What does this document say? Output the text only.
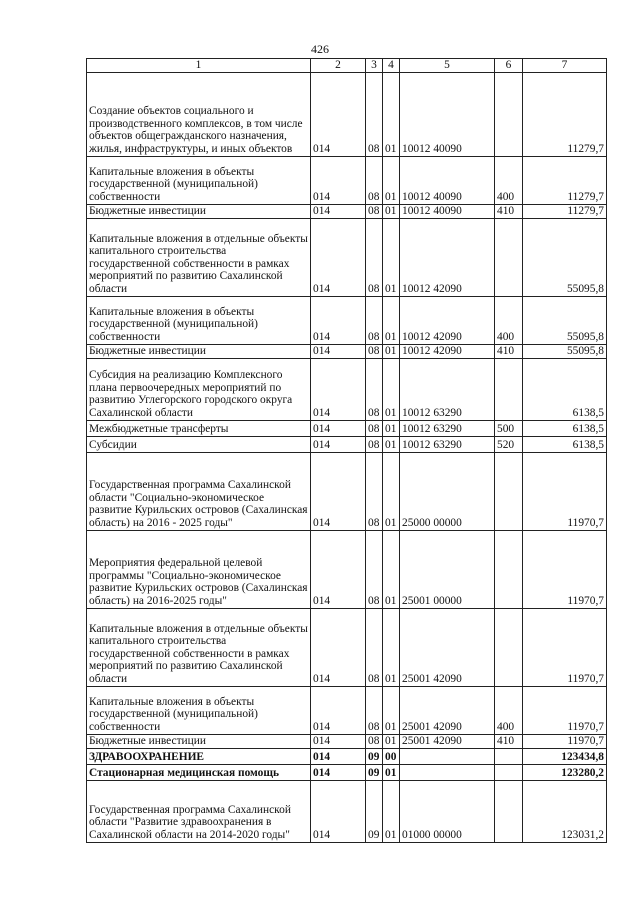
426
1	2	3	4	5	6	7
Создание объектов социального и производственного комплексов, в том числе объектов общегражданского назначения, жилья, инфраструктуры, и иных объектов	014	08	01	10012 40090		11279,7
Капитальные вложения в объекты государственной (муниципальной) собственности	014	08	01	10012 40090	400	11279,7
Бюджетные инвестиции	014	08	01	10012 40090	410	11279,7
Капитальные вложения в отдельные объекты капитального строительства государственной собственности в рамках мероприятий по развитию Сахалинской области	014	08	01	10012 42090		55095,8
Капитальные вложения в объекты государственной (муниципальной) собственности	014	08	01	10012 42090	400	55095,8
Бюджетные инвестиции	014	08	01	10012 42090	410	55095,8
Субсидия на реализацию Комплексного плана первоочередных мероприятий по развитию Углегорского городского округа Сахалинской области	014	08	01	10012 63290		6138,5
Межбюджетные трансферты	014	08	01	10012 63290	500	6138,5
Субсидии	014	08	01	10012 63290	520	6138,5
Государственная программа Сахалинской области "Социально-экономическое развитие Курильских островов (Сахалинская область) на 2016 - 2025 годы"	014	08	01	25000 00000		11970,7
Мероприятия федеральной целевой программы "Социально-экономическое развитие Курильских островов (Сахалинская область) на 2016-2025 годы"	014	08	01	25001 00000		11970,7
Капитальные вложения в отдельные объекты капитального строительства государственной собственности в рамках мероприятий по развитию Сахалинской области	014	08	01	25001 42090		11970,7
Капитальные вложения в объекты государственной (муниципальной) собственности	014	08	01	25001 42090	400	11970,7
Бюджетные инвестиции	014	08	01	25001 42090	410	11970,7
ЗДРАВООХРАНЕНИЕ	014	09	00			123434,8
Стационарная медицинская помощь	014	09	01			123280,2
Государственная программа Сахалинской области "Развитие здравоохранения в Сахалинской области на 2014-2020 годы"	014	09	01	01000 00000		123031,2
